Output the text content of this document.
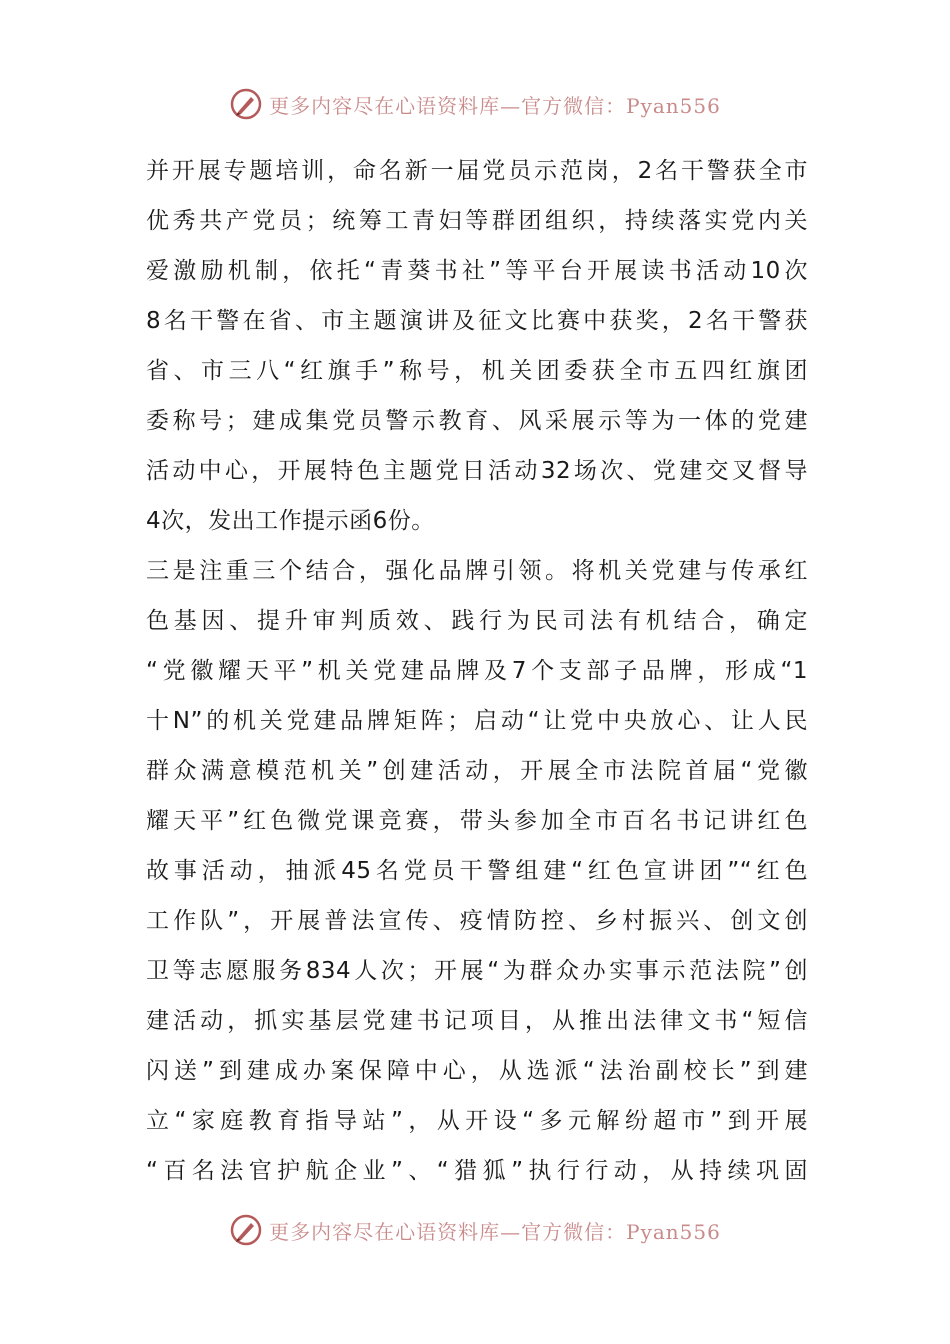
更多内容尽在心语资料库—官方微信：Pyan556
并开展专题培训，命名新一届党员示范岗，2名干警获全市
优秀共产党员；统筹工青妇等群团组织，持续落实党内关
爱激励机制，依托“青葵书社”等平台开展读书活动10次
8名干警在省、市主题演讲及征文比赛中获奖，2名干警获
省、市三八“红旗手”称号，机关团委获全市五四红旗团
委称号；建成集党员警示教育、风采展示等为一体的党建
活动中心，开展特色主题党日活动32场次、党建交叉督导
4次，发出工作提示函6份。
三是注重三个结合，强化品牌引领。将机关党建与传承红
色基因、提升审判质效、践行为民司法有机结合，确定
“党徽耀天平”机关党建品牌及7个支部子品牌，形成“1
十N”的机关党建品牌矩阵；启动“让党中央放心、让人民
群众满意模范机关”创建活动，开展全市法院首届“党徽
耀天平”红色微党课竞赛，带头参加全市百名书记讲红色
故事活动，抽派45名党员干警组建“红色宣讲团”“红色
工作队”，开展普法宣传、疫情防控、乡村振兴、创文创
卫等志愿服务834人次；开展“为群众办实事示范法院”创
建活动，抓实基层党建书记项目，从推出法律文书“短信
闪送”到建成办案保障中心，从选派“法治副校长”到建
立“家庭教育指导站”，从开设“多元解纷超市”到开展
“百名法官护航企业”、“猎狐”执行行动，从持续巩固
更多内容尽在心语资料库—官方微信：Pyan556
